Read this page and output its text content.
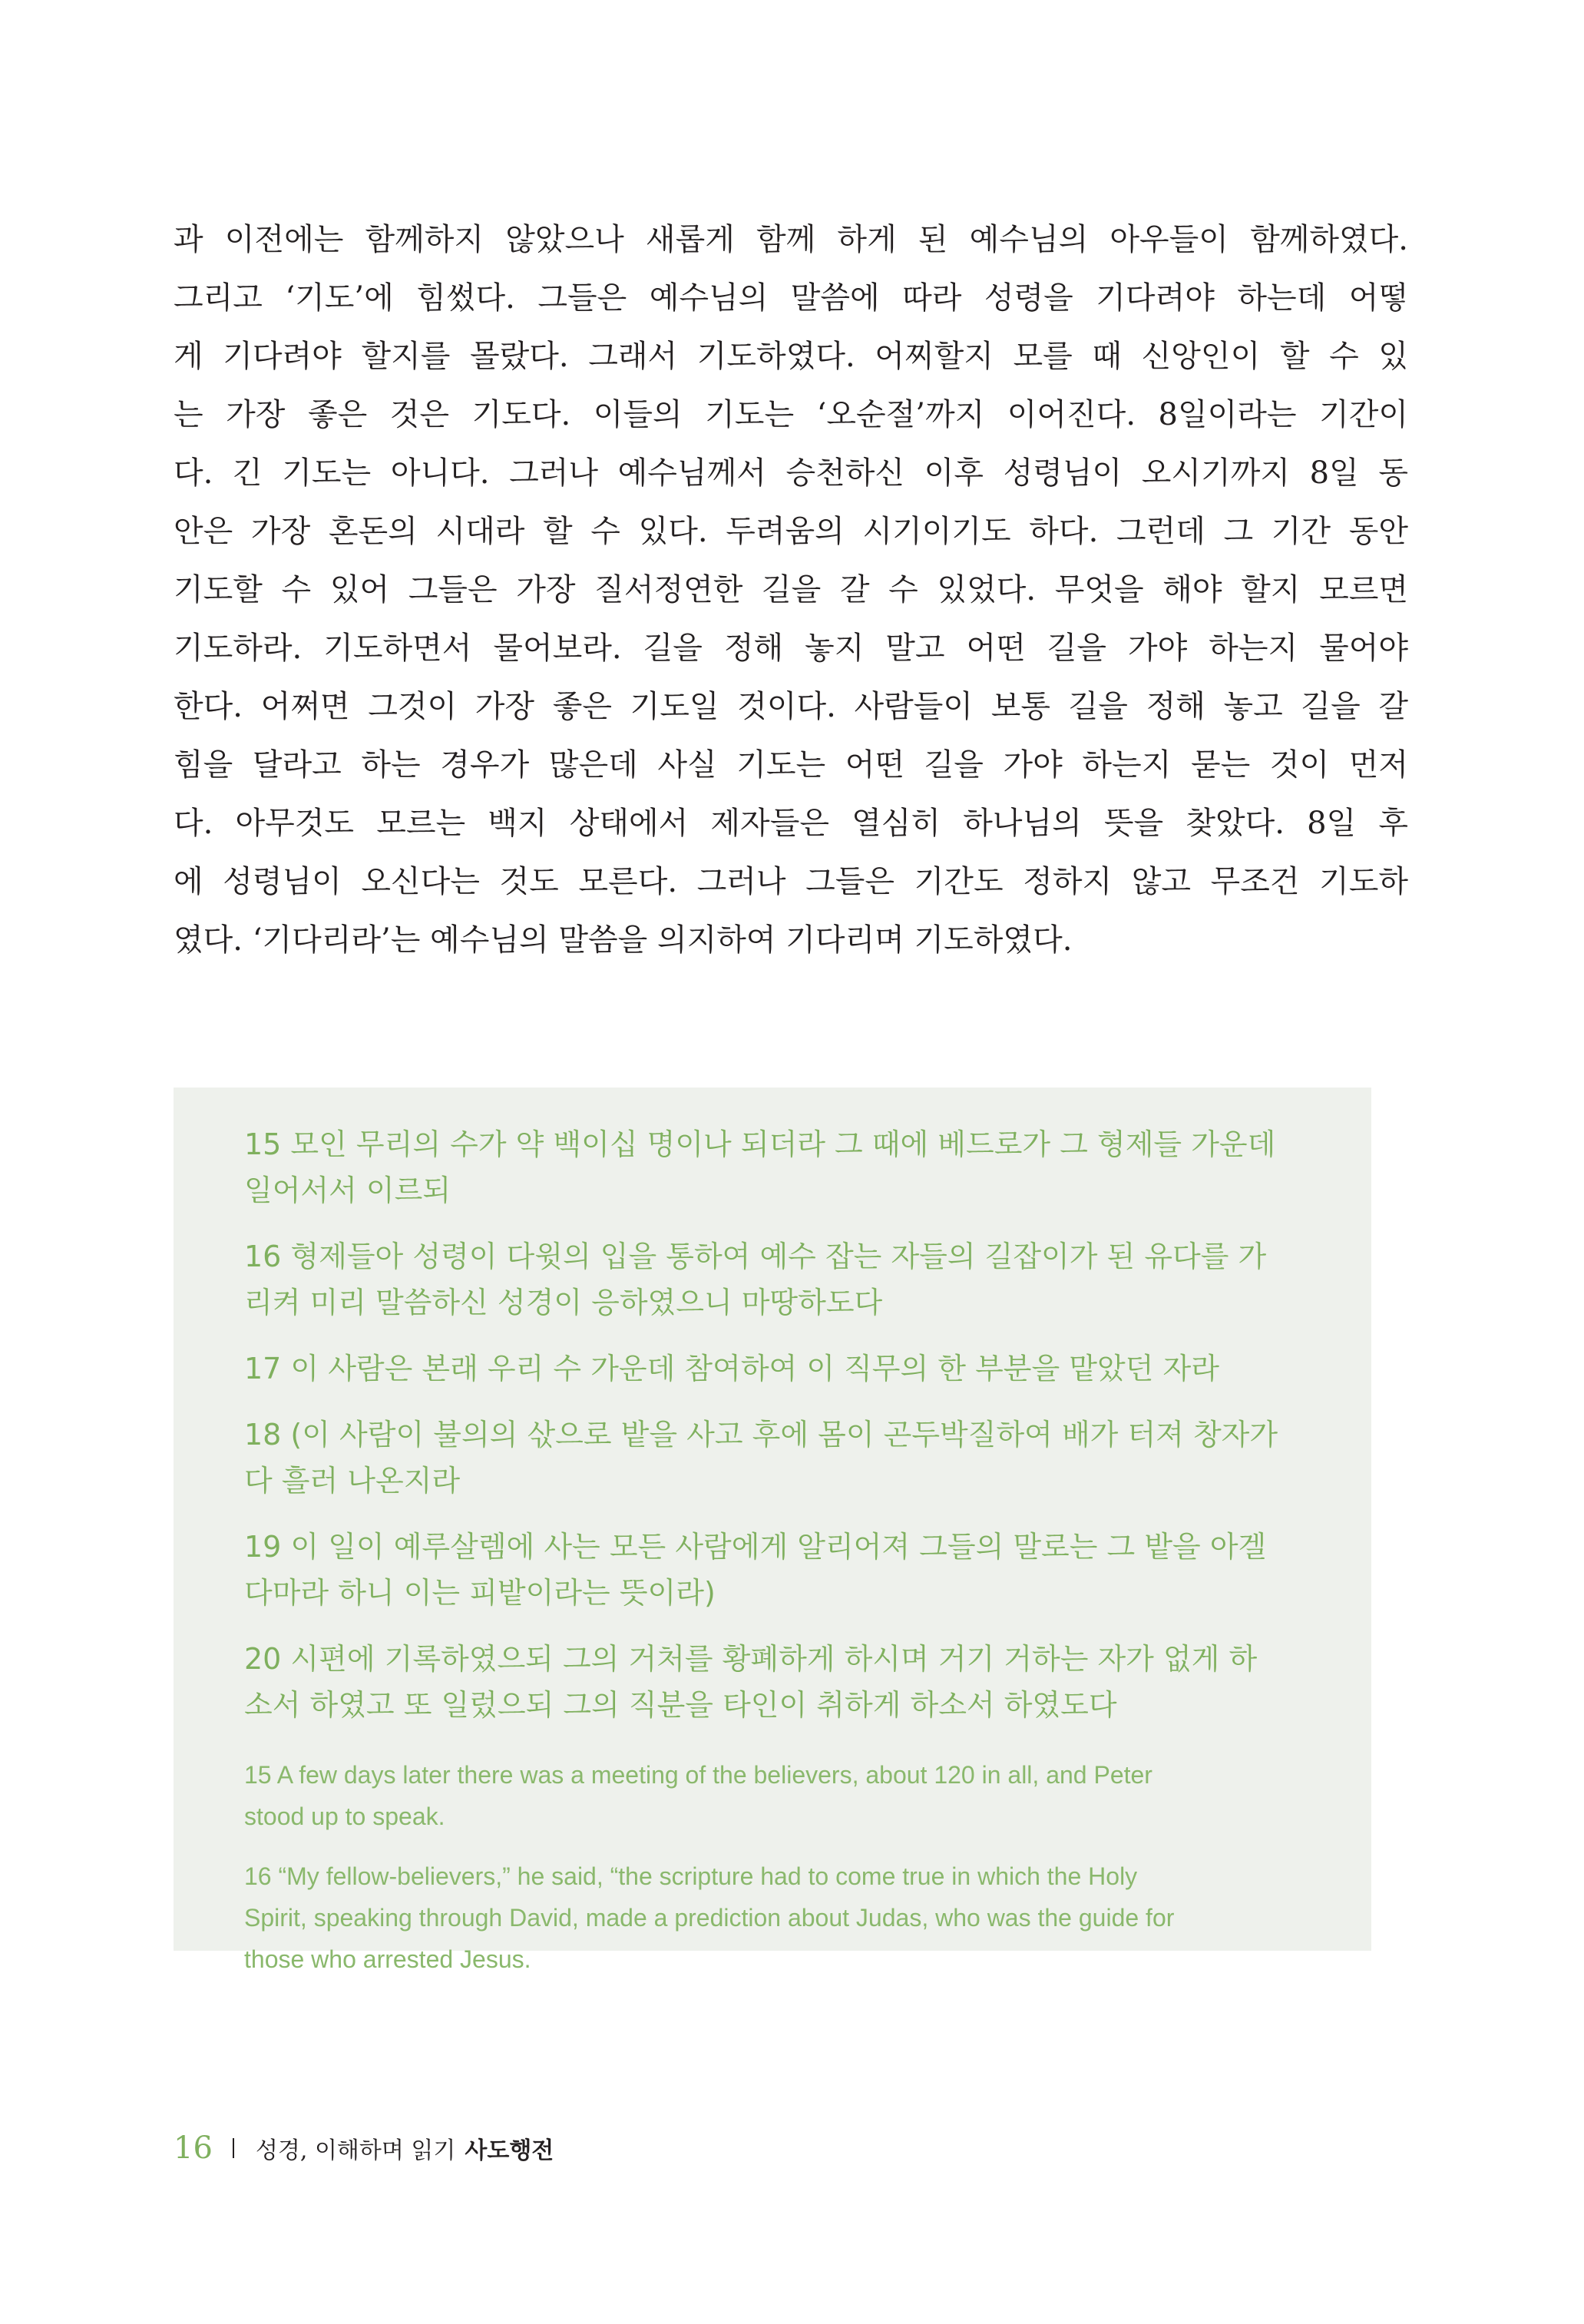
과 이전에는 함께하지 않았으나 새롭게 함께 하게 된 예수님의 아우들이 함께하였다.
그리고 ‘기도’에 힘썼다. 그들은 예수님의 말씀에 따라 성령을 기다려야 하는데 어떻
게 기다려야 할지를 몰랐다. 그래서 기도하였다. 어찌할지 모를 때 신앙인이 할 수 있
는 가장 좋은 것은 기도다. 이들의 기도는 ‘오순절’까지 이어진다. 8일이라는 기간이
다. 긴 기도는 아니다. 그러나 예수님께서 승천하신 이후 성령님이 오시기까지 8일 동
안은 가장 혼돈의 시대라 할 수 있다. 두려움의 시기이기도 하다. 그런데 그 기간 동안
기도할 수 있어 그들은 가장 질서정연한 길을 갈 수 있었다. 무엇을 해야 할지 모르면
기도하라. 기도하면서 물어보라. 길을 정해 놓지 말고 어떤 길을 가야 하는지 물어야
한다. 어쩌면 그것이 가장 좋은 기도일 것이다. 사람들이 보통 길을 정해 놓고 길을 갈
힘을 달라고 하는 경우가 많은데 사실 기도는 어떤 길을 가야 하는지 묻는 것이 먼저
다. 아무것도 모르는 백지 상태에서 제자들은 열심히 하나님의 뜻을 찾았다. 8일 후
에 성령님이 오신다는 것도 모른다. 그러나 그들은 기간도 정하지 않고 무조건 기도하
였다. ‘기다리라’는 예수님의 말씀을 의지하여 기다리며 기도하였다.
15 모인 무리의 수가 약 백이십 명이나 되더라 그 때에 베드로가 그 형제들 가운데
일어서서 이르되
16 형제들아 성령이 다윗의 입을 통하여 예수 잡는 자들의 길잡이가 된 유다를 가
리켜 미리 말씀하신 성경이 응하였으니 마땅하도다
17 이 사람은 본래 우리 수 가운데 참여하여 이 직무의 한 부분을 맡았던 자라
18 (이 사람이 불의의 삯으로 밭을 사고 후에 몸이 곤두박질하여 배가 터져 창자가
다 흘러 나온지라
19 이 일이 예루살렘에 사는 모든 사람에게 알리어져 그들의 말로는 그 밭을 아겔
다마라 하니 이는 피밭이라는 뜻이라)
20 시편에 기록하였으되 그의 거처를 황폐하게 하시며 거기 거하는 자가 없게 하
소서 하였고 또 일렀으되 그의 직분을 타인이 취하게 하소서 하였도다
15 A few days later there was a meeting of the believers, about 120 in all, and Peter
stood up to speak.
16 “My fellow-believers,” he said, “the scripture had to come true in which the Holy
Spirit, speaking through David, made a prediction about Judas, who was the guide for
those who arrested Jesus.
16 성경, 이해하며 읽기 사도행전
